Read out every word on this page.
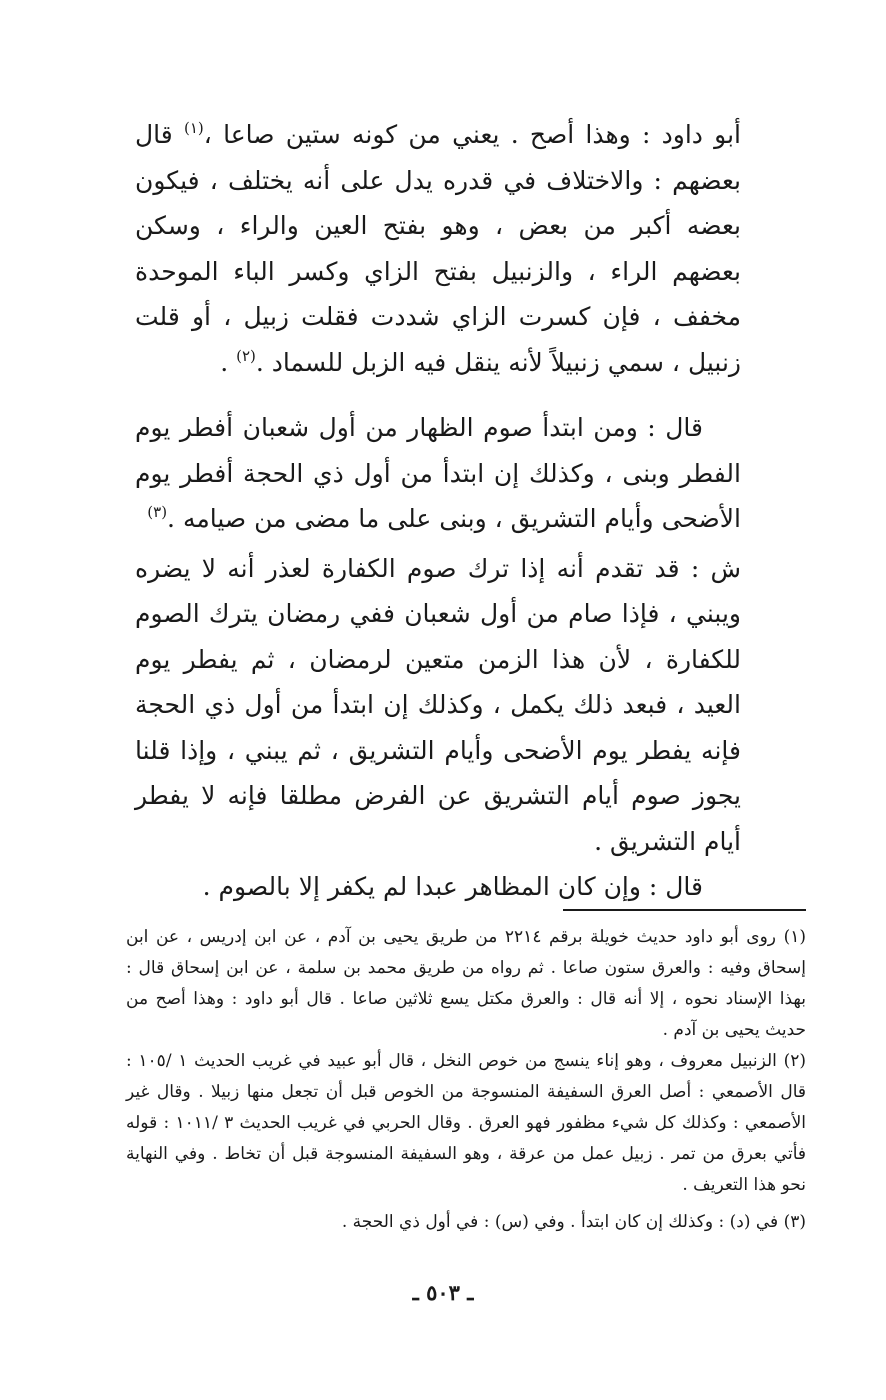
أبو داود : وهذا أصح . يعني من كونه ستين صاعا ،$^{(١)}$ قال بعضهم : والاختلاف في قدره يدل على أنه يختلف ، فيكون بعضه أكبر من بعض ، وهو بفتح العين والراء ، وسكن بعضهم الراء ، والزنبيل بفتح الزاي وكسر الباء الموحدة مخفف ، فإن كسرت الزاي شددت فقلت زبيل ، أو قلت زنبيل ، سمي زنبيلاً لأنه ينقل فيه الزبل للسماد .$^{(٢)}$ .

قال : ومن ابتدأ صوم الظهار من أول شعبان أفطر يوم الفطر وبنى ، وكذلك إن ابتدأ من أول ذي الحجة أفطر يوم الأضحى وأيام التشريق ، وبنى على ما مضى من صيامه .$^{(٣)}$

ش : قد تقدم أنه إذا ترك صوم الكفارة لعذر أنه لا يضره ويبني ، فإذا صام من أول شعبان ففي رمضان يترك الصوم للكفارة ، لأن هذا الزمن متعين لرمضان ، ثم يفطر يوم العيد ، فبعد ذلك يكمل ، وكذلك إن ابتدأ من أول ذي الحجة فإنه يفطر يوم الأضحى وأيام التشريق ، ثم يبني ، وإذا قلنا يجوز صوم أيام التشريق عن الفرض مطلقا فإنه لا يفطر أيام التشريق .

قال : وإن كان المظاهر عبدا لم يكفر إلا بالصوم .

(١) روى أبو داود حديث خويلة برقم ٢٢١٤ من طريق يحيى بن آدم ، عن ابن إدريس ، عن ابن إسحاق وفيه : والعرق ستون صاعا . ثم رواه من طريق محمد بن سلمة ، عن ابن إسحاق قال : بهذا الإسناد نحوه ، إلا أنه قال : والعرق مكتل يسع ثلاثين صاعا . قال أبو داود : وهذا أصح من حديث يحيى بن آدم .

(٢) الزنبيل معروف ، وهو إناء ينسج من خوص النخل ، قال أبو عبيد في غريب الحديث ١ /١٠٥ : قال الأصمعي : أصل العرق السفيفة المنسوجة من الخوص قبل أن تجعل منها زبيلا . وقال غير الأصمعي : وكذلك كل شيء مظفور فهو العرق . وقال الحربي في غريب الحديث ٣ /١٠١١ : قوله فأتي بعرق من تمر . زبيل عمل من عرقة ، وهو السفيفة المنسوجة قبل أن تخاط . وفي النهاية نحو هذا التعريف .

(٣) في (د) : وكذلك إن كان ابتدأ . وفي (س) : في أول ذي الحجة .

ـ ٥٠٣ ـ
